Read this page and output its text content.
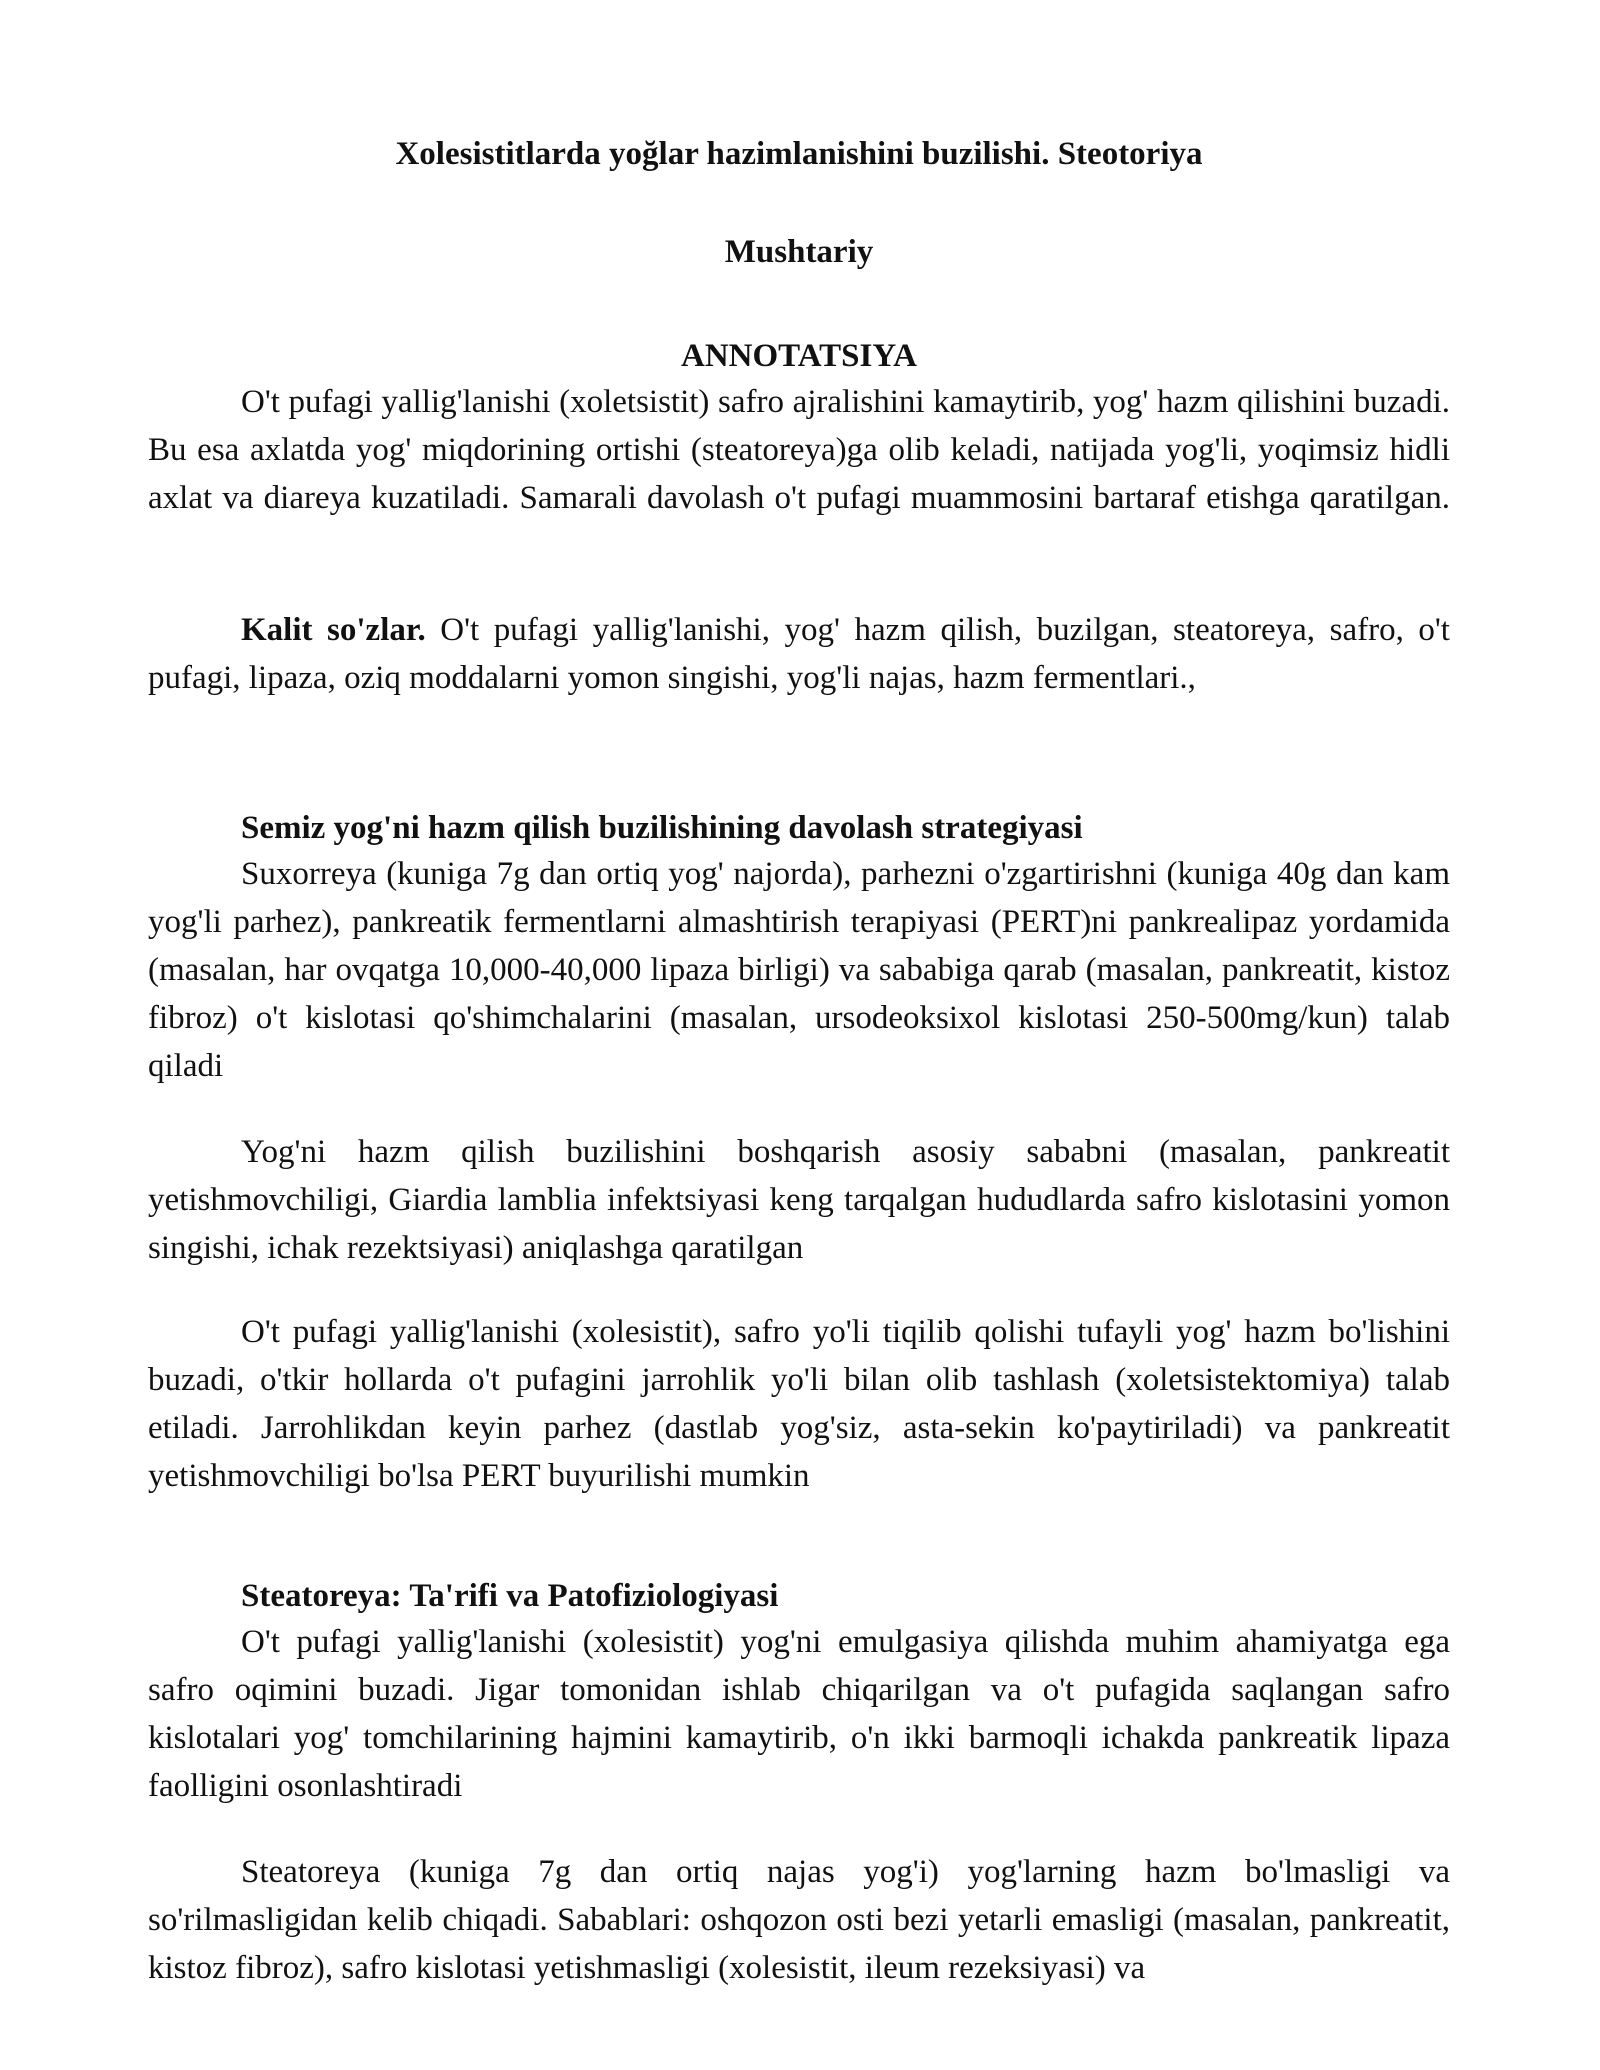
Xolesistitlarda yoğlar hazimlanishini buzilishi. Steotoriya
Mushtariy
ANNOTATSIYA

O't pufagi yallig'lanishi (xoletsistit) safro ajralishini kamaytirib, yog' hazm qilishini buzadi. Bu esa axlatda yog' miqdorining ortishi (steatoreya)ga olib keladi, natijada yog'li, yoqimsiz hidli axlat va diareya kuzatiladi. Samarali davolash o't pufagi muammosini bartaraf etishga qaratilgan.

Kalit so'zlar. O't pufagi yallig'lanishi, yog' hazm qilish, buzilgan, steatoreya, safro, o't pufagi, lipaza, oziq moddalarni yomon singishi, yog'li najas, hazm fermentlari.,

Semiz yog'ni hazm qilish buzilishining davolash strategiyasi

Suxorreya (kuniga 7g dan ortiq yog' najorda), parhezni o'zgartirishni (kuniga 40g dan kam yog'li parhez), pankreatik fermentlarni almashtirish terapiyasi (PERT)ni pankrealipaz yordamida (masalan, har ovqatga 10,000-40,000 lipaza birligi) va sababiga qarab (masalan, pankreatit, kistoz fibroz) o't kislotasi qo'shimchalarini (masalan, ursodeoksixol kislotasi 250-500mg/kun) talab qiladi

Yog'ni hazm qilish buzilishini boshqarish asosiy sababni (masalan, pankreatit yetishmovchiligi, Giardia lamblia infektsiyasi keng tarqalgan hududlarda safro kislotasini yomon singishi, ichak rezektsiyasi) aniqlashga qaratilgan

O't pufagi yallig'lanishi (xolesistit), safro yo'li tiqilib qolishi tufayli yog' hazm bo'lishini buzadi, o'tkir hollarda o't pufagini jarrohlik yo'li bilan olib tashlash (xoletsistektomiya) talab etiladi. Jarrohlikdan keyin parhez (dastlab yog'siz, asta-sekin ko'paytiriladi) va pankreatit yetishmovchiligi bo'lsa PERT buyurilishi mumkin

Steatoreya: Ta'rifi va Patofiziologiyasi

O't pufagi yallig'lanishi (xolesistit) yog'ni emulgasiya qilishda muhim ahamiyatga ega safro oqimini buzadi. Jigar tomonidan ishlab chiqarilgan va o't pufagida saqlangan safro kislotalari yog' tomchilarining hajmini kamaytirib, o'n ikki barmoqli ichakda pankreatik lipaza faolligini osonlashtiradi

Steatoreya (kuniga 7g dan ortiq najas yog'i) yog'larning hazm bo'lmasligi va so'rilmasligidan kelib chiqadi. Sabablari: oshqozon osti bezi yetarli emasligi (masalan, pankreatit, kistoz fibroz), safro kislotasi yetishmasligi (xolesistit, ileum rezeksiyasi) va
